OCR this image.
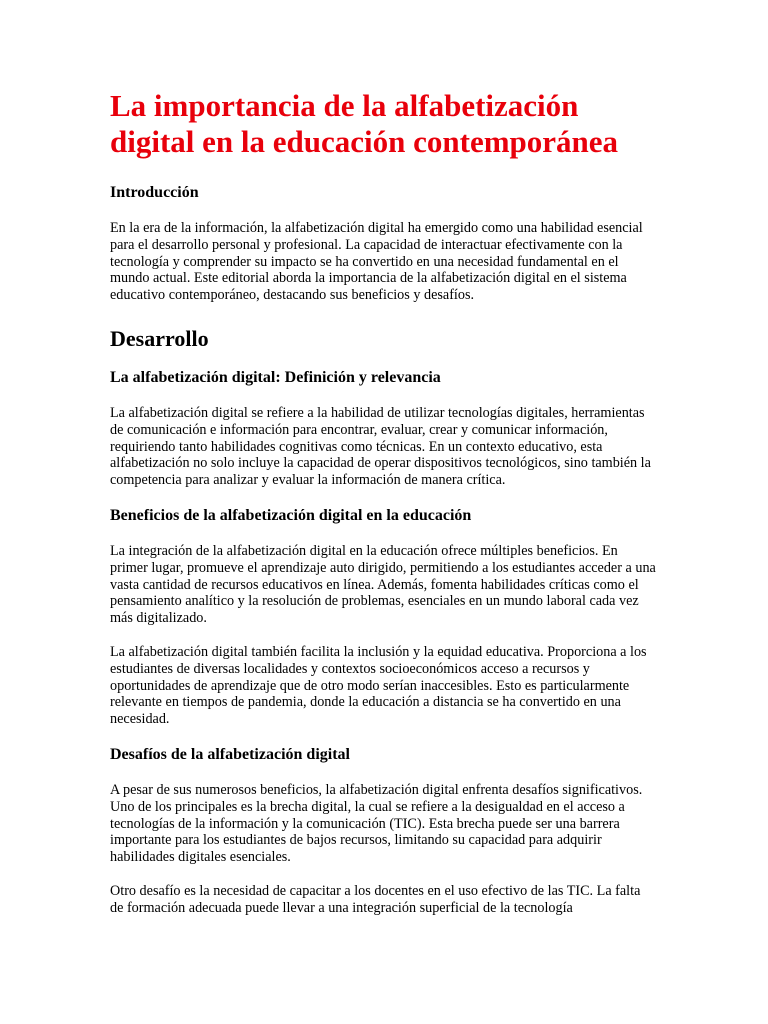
La importancia de la alfabetización digital en la educación contemporánea
Introducción

En la era de la información, la alfabetización digital ha emergido como una habilidad esencial para el desarrollo personal y profesional. La capacidad de interactuar efectivamente con la tecnología y comprender su impacto se ha convertido en una necesidad fundamental en el mundo actual. Este editorial aborda la importancia de la alfabetización digital en el sistema educativo contemporáneo, destacando sus beneficios y desafíos.

Desarrollo
La alfabetización digital: Definición y relevancia

La alfabetización digital se refiere a la habilidad de utilizar tecnologías digitales, herramientas de comunicación e información para encontrar, evaluar, crear y comunicar información, requiriendo tanto habilidades cognitivas como técnicas. En un contexto educativo, esta alfabetización no solo incluye la capacidad de operar dispositivos tecnológicos, sino también la competencia para analizar y evaluar la información de manera crítica.

Beneficios de la alfabetización digital en la educación

La integración de la alfabetización digital en la educación ofrece múltiples beneficios. En primer lugar, promueve el aprendizaje auto dirigido, permitiendo a los estudiantes acceder a una vasta cantidad de recursos educativos en línea. Además, fomenta habilidades críticas como el pensamiento analítico y la resolución de problemas, esenciales en un mundo laboral cada vez más digitalizado.

La alfabetización digital también facilita la inclusión y la equidad educativa. Proporciona a los estudiantes de diversas localidades y contextos socioeconómicos acceso a recursos y oportunidades de aprendizaje que de otro modo serían inaccesibles. Esto es particularmente relevante en tiempos de pandemia, donde la educación a distancia se ha convertido en una necesidad.

Desafíos de la alfabetización digital

A pesar de sus numerosos beneficios, la alfabetización digital enfrenta desafíos significativos. Uno de los principales es la brecha digital, la cual se refiere a la desigualdad en el acceso a tecnologías de la información y la comunicación (TIC). Esta brecha puede ser una barrera importante para los estudiantes de bajos recursos, limitando su capacidad para adquirir habilidades digitales esenciales.

Otro desafío es la necesidad de capacitar a los docentes en el uso efectivo de las TIC. La falta de formación adecuada puede llevar a una integración superficial de la tecnología
